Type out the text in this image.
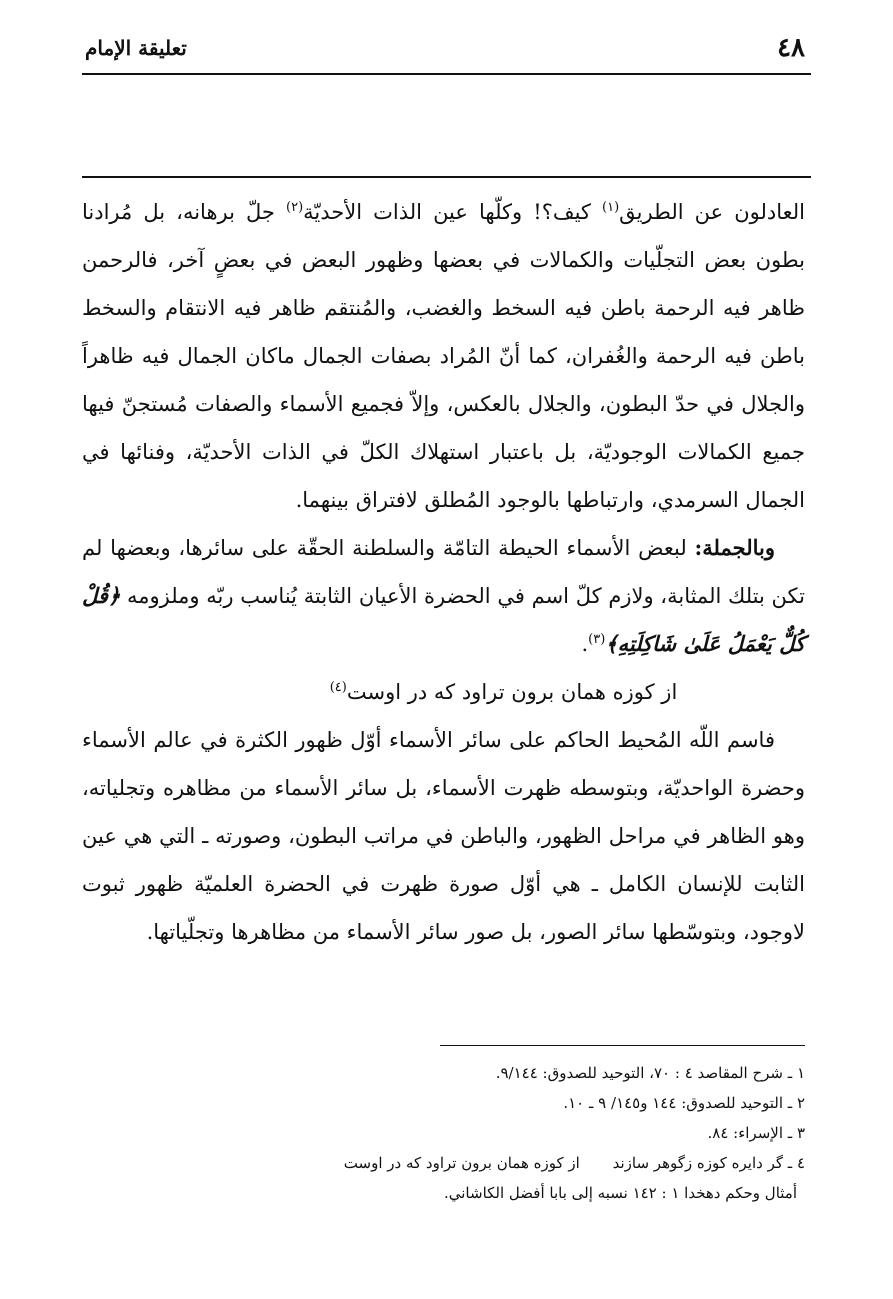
٤٨
تعليقة الإمام

العادلون عن الطريق$^{(١)}$ كيف؟! وكلّها عين الذات الأحديّة$^{(٢)}$ جلّ برهانه، بل مُرادنا بطون بعض التجلّيات والكمالات في بعضها وظهور البعض في بعضٍ آخر، فالرحمن ظاهر فيه الرحمة باطن فيه السخط والغضب، والمُنتقم ظاهر فيه الانتقام والسخط باطن فيه الرحمة والغُفران، كما أنّ المُراد بصفات الجمال ماكان الجمال فيه ظاهراً والجلال في حدّ البطون، والجلال بالعكس، وإلاّ فجميع الأسماء والصفات مُستجنّ فيها جميع الكمالات الوجوديّة، بل باعتبار استهلاك الكلّ في الذات الأحديّة، وفنائها في الجمال السرمدي، وارتباطها بالوجود المُطلق لافتراق بينهما.

وبالجملة: لبعض الأسماء الحيطة التامّة والسلطنة الحقّة على سائرها، وبعضها لم تكن بتلك المثابة، ولازم كلّ اسم في الحضرة الأعيان الثابتة يُناسب ربّه وملزومه ﴿قُلْ كُلٌّ يَعْمَلُ عَلَىٰ شَاكِلَتِهِ﴾$^{(٣)}$.

از كوزه همان برون تراود كه در اوست$^{(٤)}$

فاسم اللّه المُحيط الحاكم على سائر الأسماء أوّل ظهور الكثرة في عالم الأسماء وحضرة الواحديّة، وبتوسطه ظهرت الأسماء، بل سائر الأسماء من مظاهره وتجلياته، وهو الظاهر في مراحل الظهور، والباطن في مراتب البطون، وصورته ـ التي هي عين الثابت للإنسان الكامل ـ هي أوّل صورة ظهرت في الحضرة العلميّة ظهور ثبوت لاوجود، وبتوسّطها سائر الصور، بل صور سائر الأسماء من مظاهرها وتجلّياتها.

١ ـ شرح المقاصد ٤ : ٧٠، التوحيد للصدوق: ٩/١٤٤.

٢ ـ التوحيد للصدوق: ١٤٤ و١٤٥/ ٩ ـ ١٠.

٣ ـ الإسراء: ٨٤.

٤ ـ گر دايره كوزه زگوهر سازند از كوزه همان برون تراود كه در اوست

أمثال وحكم دهخدا ١ : ١٤٢ نسبه إلى بابا أفضل الكاشاني.
